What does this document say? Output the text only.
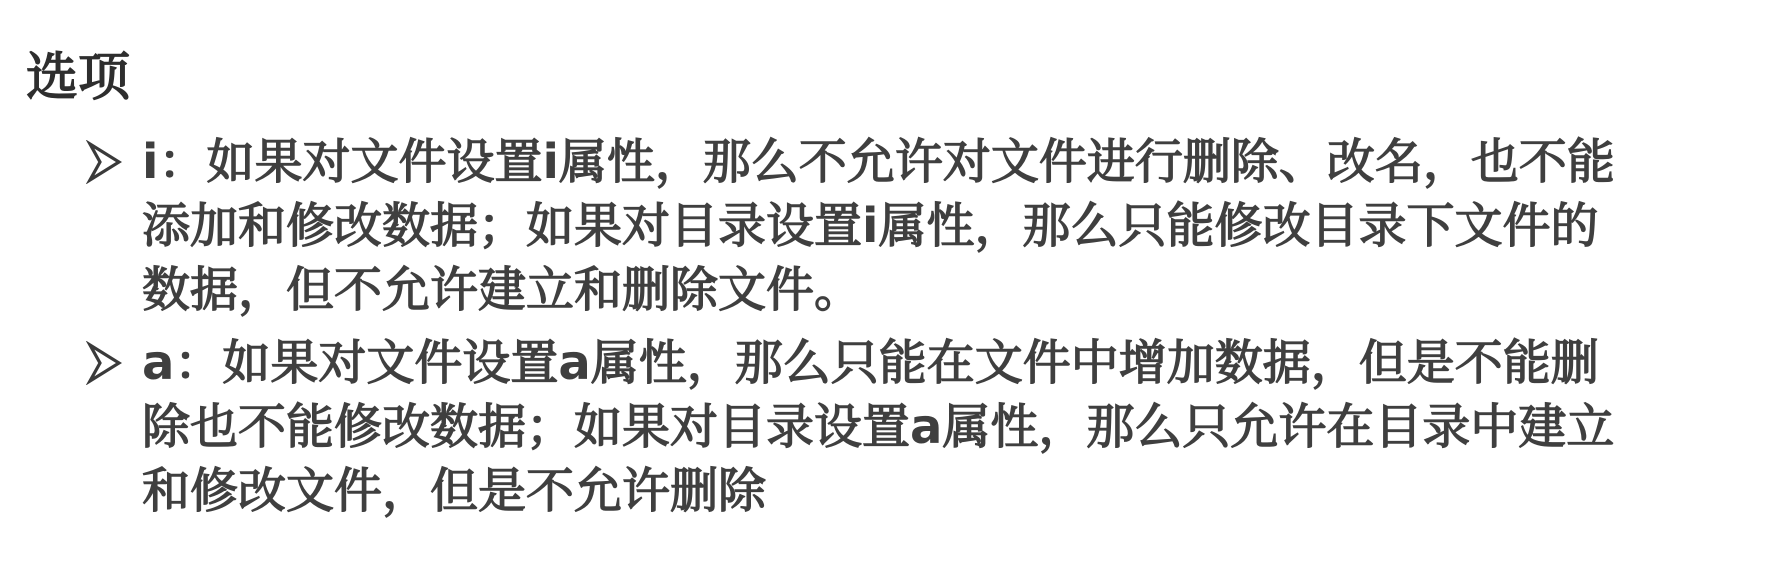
选项
i：如果对文件设置i属性，那么不允许对文件进行删除、改名，也不能
添加和修改数据；如果对目录设置i属性，那么只能修改目录下文件的
数据，但不允许建立和删除文件。
a：如果对文件设置a属性，那么只能在文件中增加数据，但是不能删
除也不能修改数据；如果对目录设置a属性，那么只允许在目录中建立
和修改文件，但是不允许删除
